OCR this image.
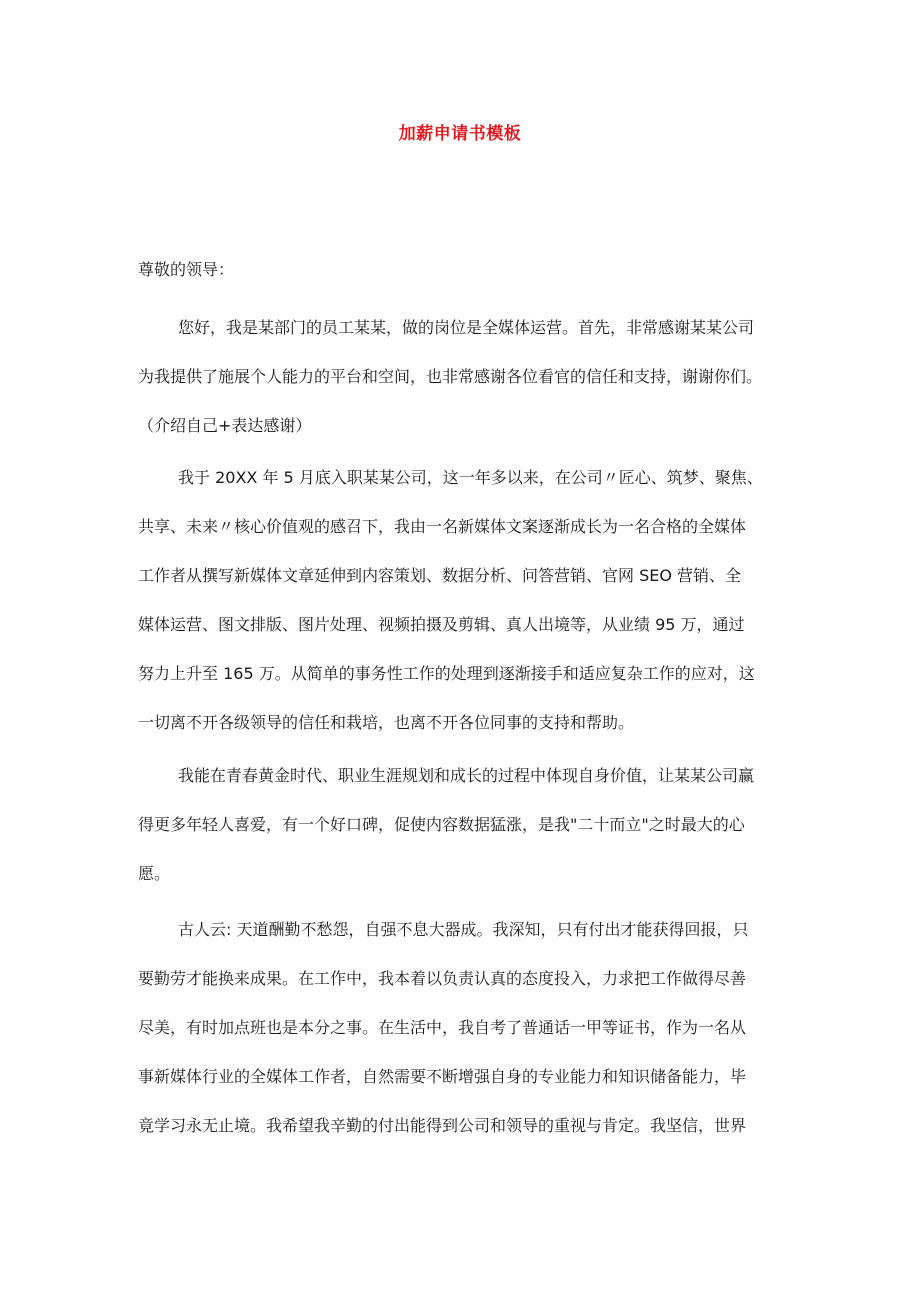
加薪申请书模板
尊敬的领导：
您好，我是某部门的员工某某，做的岗位是全媒体运营。首先，非常感谢某某公司
为我提供了施展个人能力的平台和空间，也非常感谢各位看官的信任和支持，谢谢你们。
（介绍自己+表达感谢）
我于 20XX 年 5 月底入职某某公司，这一年多以来，在公司〃匠心、筑梦、聚焦、
共享、未来〃核心价值观的感召下，我由一名新媒体文案逐渐成长为一名合格的全媒体
工作者从撰写新媒体文章延伸到内容策划、数据分析、问答营销、官网 SEO 营销、全
媒体运营、图文排版、图片处理、视频拍摄及剪辑、真人出境等，从业绩 95 万，通过
努力上升至 165 万。从简单的事务性工作的处理到逐渐接手和适应复杂工作的应对，这
一切离不开各级领导的信任和栽培，也离不开各位同事的支持和帮助。
我能在青春黄金时代、职业生涯规划和成长的过程中体现自身价值，让某某公司赢
得更多年轻人喜爱，有一个好口碑，促使内容数据猛涨，是我"二十而立"之时最大的心
愿。
古人云: 天道酬勤不愁怨，自强不息大器成。我深知，只有付出才能获得回报，只
要勤劳才能换来成果。在工作中，我本着以负责认真的态度投入，力求把工作做得尽善
尽美，有时加点班也是本分之事。在生活中，我自考了普通话一甲等证书，作为一名从
事新媒体行业的全媒体工作者，自然需要不断增强自身的专业能力和知识储备能力，毕
竟学习永无止境。我希望我辛勤的付出能得到公司和领导的重视与肯定。我坚信，世界
